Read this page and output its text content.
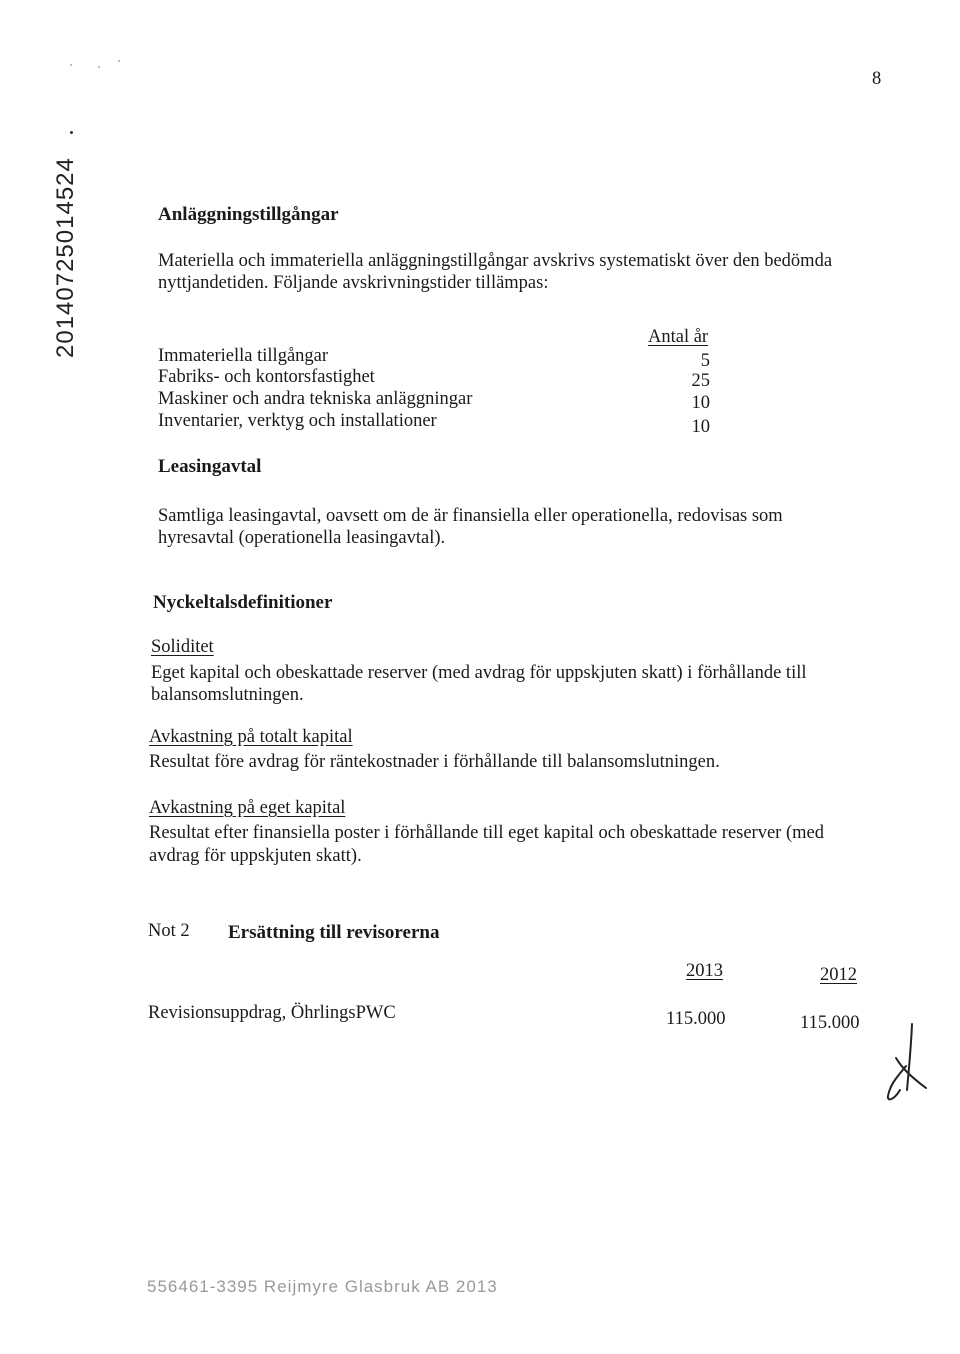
8
20140725014524	Anläggningstillgångar
Materiella och immateriella anläggningstillgångar avskrivs systematiskt över den bedömda
nyttjandetiden. Följande avskrivningstider tillämpas:
Antal år
Immateriella tillgångar	5
Fabriks- och kontorsfastighet	25
Maskiner och andra tekniska anläggningar	10
Inventarier, verktyg och installationer	10
Leasingavtal
Samtliga leasingavtal, oavsett om de är finansiella eller operationella, redovisas som
hyresavtal (operationella leasingavtal).
Nyckeltalsdefinitioner
Soliditet
Eget kapital och obeskattade reserver (med avdrag för uppskjuten skatt) i förhållande till
balansomslutningen.
Avkastning på totalt kapital
Resultat före avdrag för räntekostnader i förhållande till balansomslutningen.
Avkastning på eget kapital
Resultat efter finansiella poster i förhållande till eget kapital och obeskattade reserver (med
avdrag för uppskjuten skatt).
Not 2 Ersättning till revisorerna
2013	2012
Revisionsuppdrag, ÖhrlingsPWC	115.000	115.000
556461-3395 Reijmyre Glasbruk AB 2013
